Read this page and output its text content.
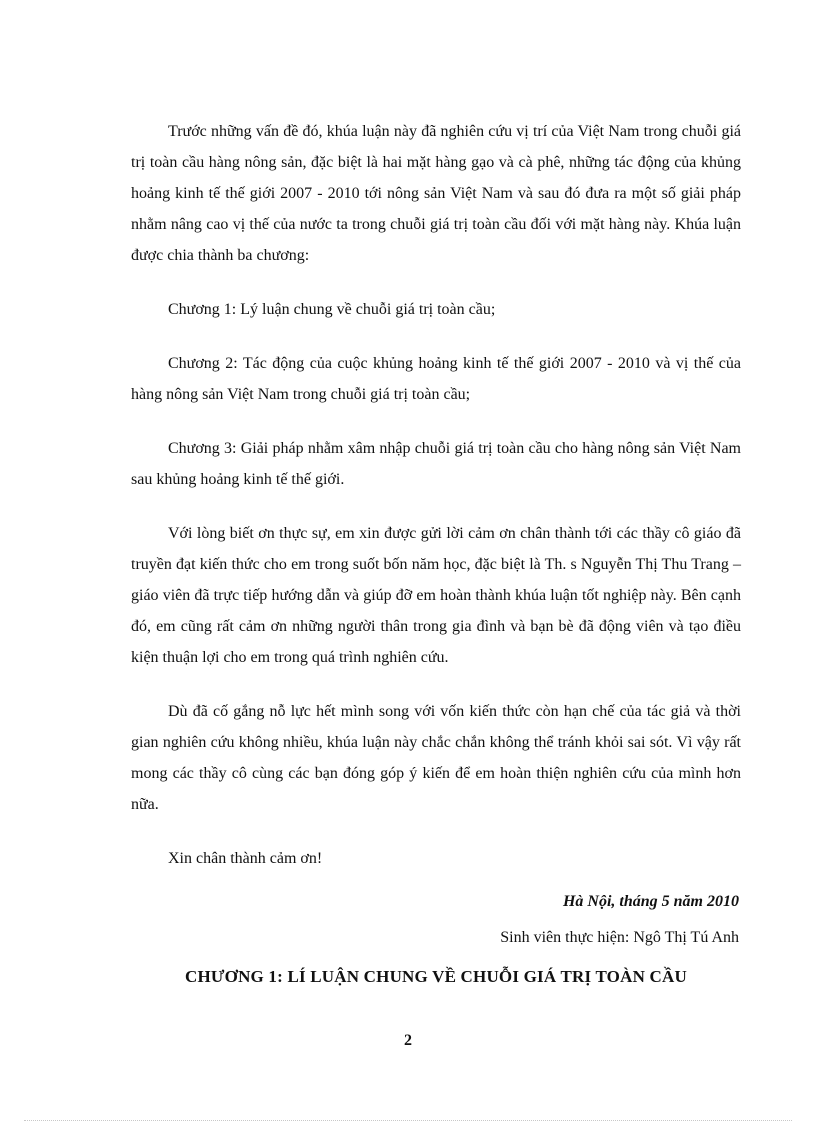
Trước những vấn đề đó, khúa luận này đã nghiên cứu vị trí của Việt Nam trong chuỗi giá trị toàn cầu hàng nông sản, đặc biệt là hai mặt hàng gạo và cà phê, những tác động của khủng hoảng kinh tế thế giới 2007 - 2010 tới nông sản Việt Nam và sau đó đưa ra một số giải pháp nhằm nâng cao vị thế của nước ta trong chuỗi giá trị toàn cầu đối với mặt hàng này. Khúa luận được chia thành ba chương:

Chương 1: Lý luận chung về chuỗi giá trị toàn cầu;

Chương 2: Tác động của cuộc khủng hoảng kinh tế thế giới 2007 - 2010 và vị thế của hàng nông sản Việt Nam trong chuỗi giá trị toàn cầu;

Chương 3: Giải pháp nhằm xâm nhập chuỗi giá trị toàn cầu cho hàng nông sản Việt Nam sau khủng hoảng kinh tế thế giới.

Với lòng biết ơn thực sự, em xin được gửi lời cảm ơn chân thành tới các thầy cô giáo đã truyền đạt kiến thức cho em trong suốt bốn năm học, đặc biệt là Th. s Nguyễn Thị Thu Trang – giáo viên đã trực tiếp hướng dẫn và giúp đỡ em hoàn thành khúa luận tốt nghiệp này. Bên cạnh đó, em cũng rất cảm ơn những người thân trong gia đình và bạn bè đã động viên và tạo điều kiện thuận lợi cho em trong quá trình nghiên cứu.

Dù đã cố gắng nỗ lực hết mình song với vốn kiến thức còn hạn chế của tác giả và thời gian nghiên cứu không nhiều, khúa luận này chắc chắn không thể tránh khỏi sai sót. Vì vậy rất mong các thầy cô cùng các bạn đóng góp ý kiến để em hoàn thiện nghiên cứu của mình hơn nữa.

Xin chân thành cảm ơn!

Hà Nội, tháng 5 năm 2010

Sinh viên thực hiện: Ngô Thị Tú Anh

CHƯƠNG 1: LÍ LUẬN CHUNG VỀ CHUỖI GIÁ TRỊ TOÀN CẦU

2
